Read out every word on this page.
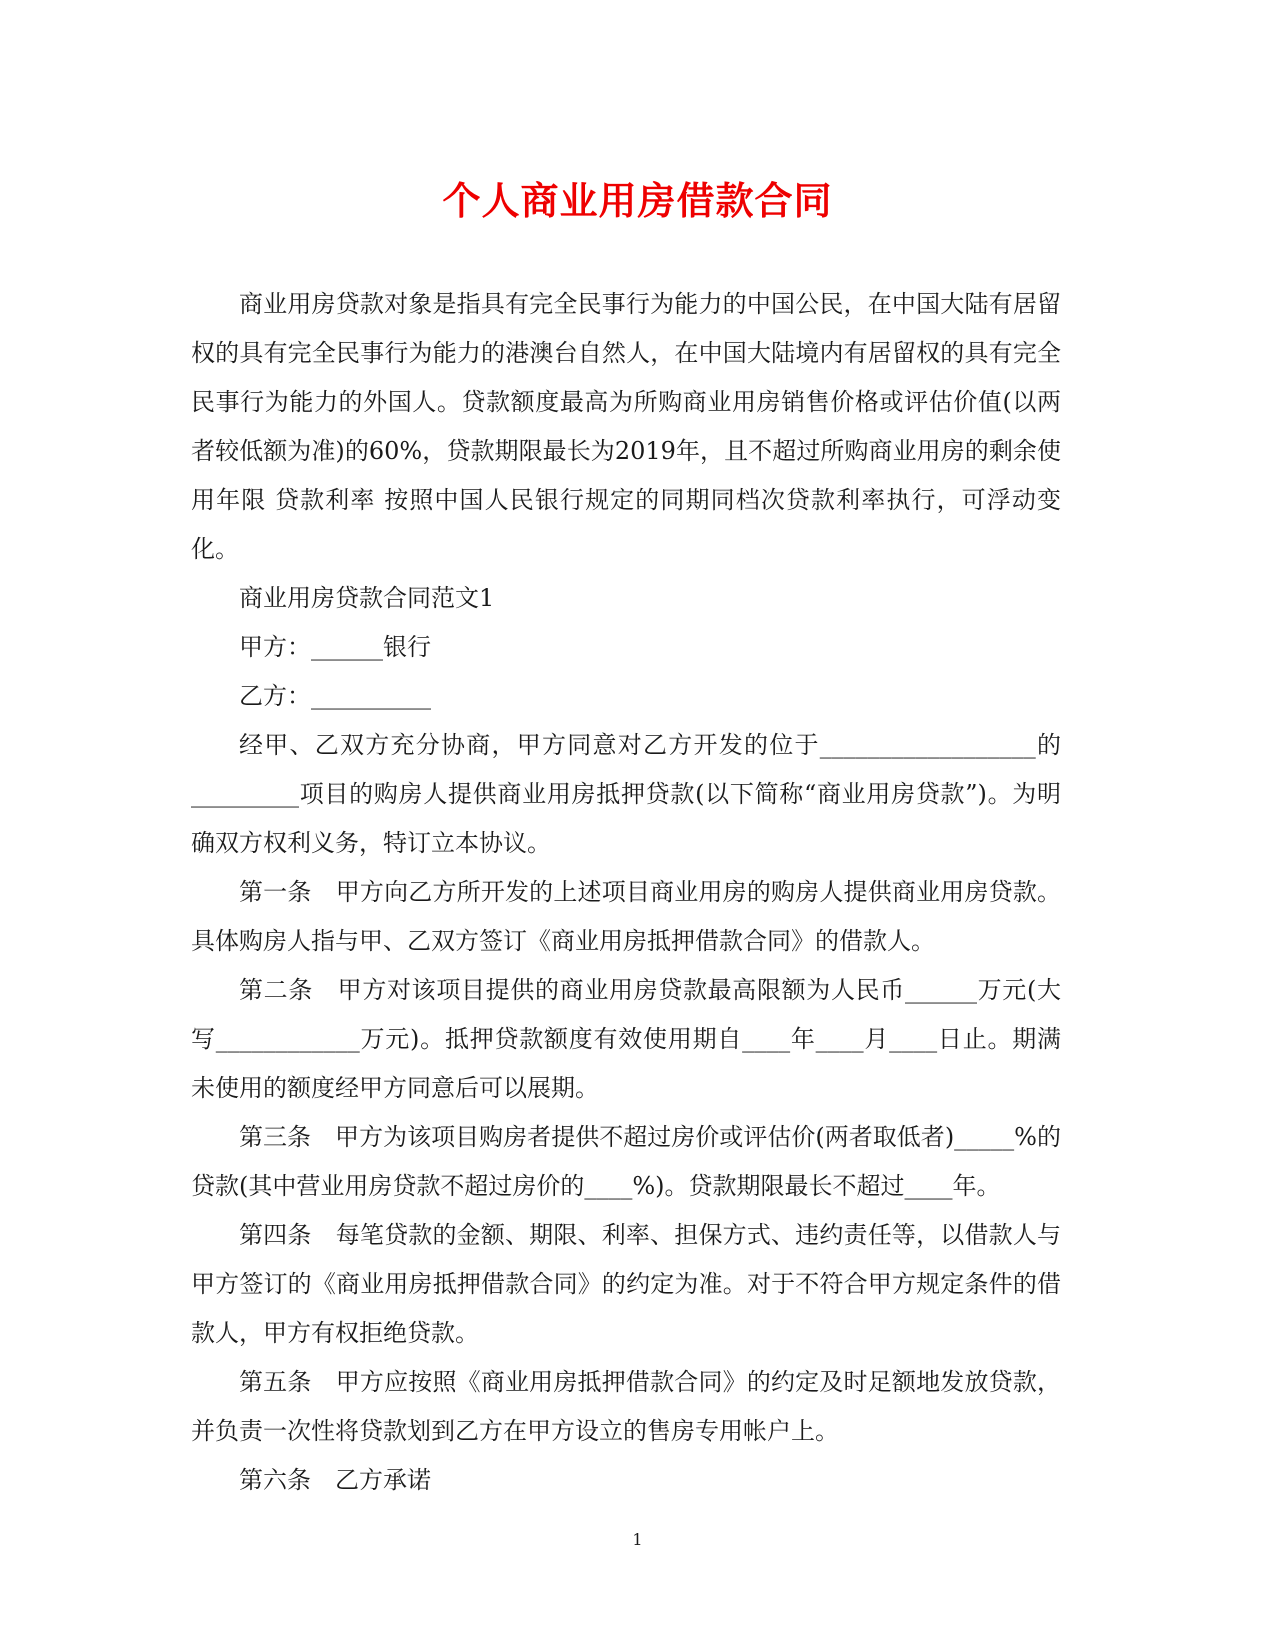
个人商业用房借款合同

商业用房贷款对象是指具有完全民事行为能力的中国公民，在中国大陆有居留权的具有完全民事行为能力的港澳台自然人，在中国大陆境内有居留权的具有完全民事行为能力的外国人。贷款额度最高为所购商业用房销售价格或评估价值(以两者较低额为准)的60%，贷款期限最长为2019年，且不超过所购商业用房的剩余使用年限 贷款利率 按照中国人民银行规定的同期同档次贷款利率执行，可浮动变化。

商业用房贷款合同范文1

甲方：______银行

乙方：__________

经甲、乙双方充分协商，甲方同意对乙方开发的位于__________________的_________项目的购房人提供商业用房抵押贷款(以下简称“商业用房贷款”)。为明确双方权利义务，特订立本协议。

第一条　甲方向乙方所开发的上述项目商业用房的购房人提供商业用房贷款。具体购房人指与甲、乙双方签订《商业用房抵押借款合同》的借款人。

第二条　甲方对该项目提供的商业用房贷款最高限额为人民币______万元(大写____________万元)。抵押贷款额度有效使用期自____年____月____日止。期满未使用的额度经甲方同意后可以展期。

第三条　甲方为该项目购房者提供不超过房价或评估价(两者取低者)_____%的贷款(其中营业用房贷款不超过房价的____%)。贷款期限最长不超过____年。

第四条　每笔贷款的金额、期限、利率、担保方式、违约责任等，以借款人与甲方签订的《商业用房抵押借款合同》的约定为准。对于不符合甲方规定条件的借款人，甲方有权拒绝贷款。

第五条　甲方应按照《商业用房抵押借款合同》的约定及时足额地发放贷款，并负责一次性将贷款划到乙方在甲方设立的售房专用帐户上。

第六条　乙方承诺

1
